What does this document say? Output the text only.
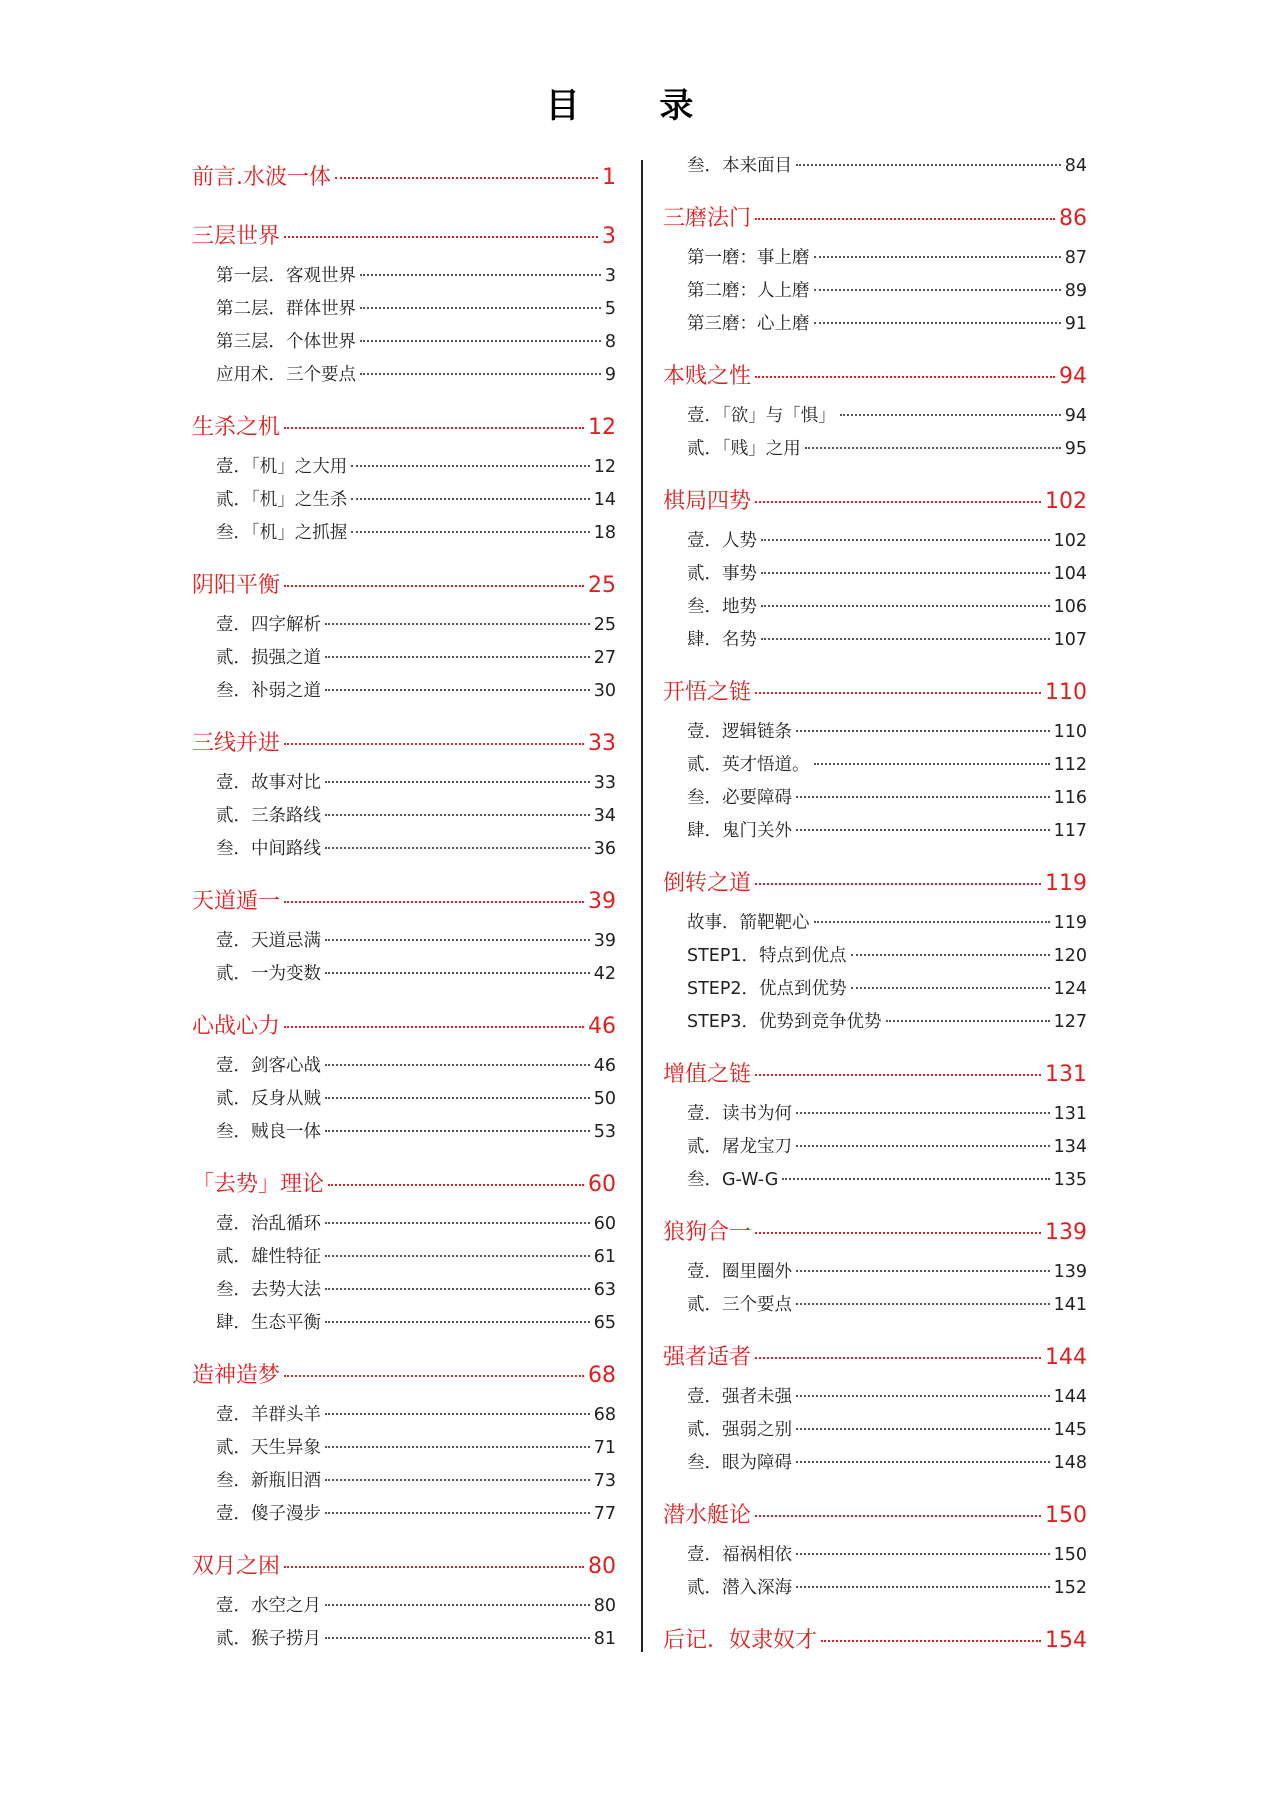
目 录
前言.水波一体	1
三层世界	3
第一层．客观世界	3
第二层．群体世界	5
第三层．个体世界	8
应用术．三个要点	9
生杀之机	12
壹．「机」之大用	12
贰．「机」之生杀	14
叁．「机」之抓握	18
阴阳平衡	25
壹．四字解析	25
贰．损强之道	27
叁．补弱之道	30
三线并进	33
壹．故事对比	33
贰．三条路线	34
叁．中间路线	36
天道遁一	39
壹．天道忌满	39
贰．一为变数	42
心战心力	46
壹．剑客心战	46
贰．反身从贼	50
叁．贼良一体	53
「去势」理论	60
壹．治乱循环	60
贰．雄性特征	61
叁．去势大法	63
肆．生态平衡	65
造神造梦	68
壹．羊群头羊	68
贰．天生异象	71
叁．新瓶旧酒	73
壹．傻子漫步	77
双月之困	80
壹．水空之月	80
贰．猴子捞月	81
叁．本来面目	84
三磨法门	86
第一磨：事上磨	87
第二磨：人上磨	89
第三磨：心上磨	91
本贱之性	94
壹．「欲」与「惧」	94
贰．「贱」之用	95
棋局四势	102
壹．人势	102
贰．事势	104
叁．地势	106
肆．名势	107
开悟之链	110
壹．逻辑链条	110
贰．英才悟道。	112
叁．必要障碍	116
肆．鬼门关外	117
倒转之道	119
故事．箭靶靶心	119
STEP1．特点到优点	120
STEP2．优点到优势	124
STEP3．优势到竞争优势	127
增值之链	131
壹．读书为何	131
贰．屠龙宝刀	134
叁．G-W-G	135
狼狗合一	139
壹．圈里圈外	139
贰．三个要点	141
强者适者	144
壹．强者未强	144
贰．强弱之别	145
叁．眼为障碍	148
潜水艇论	150
壹．福祸相依	150
贰．潜入深海	152
后记．奴隶奴才	154
